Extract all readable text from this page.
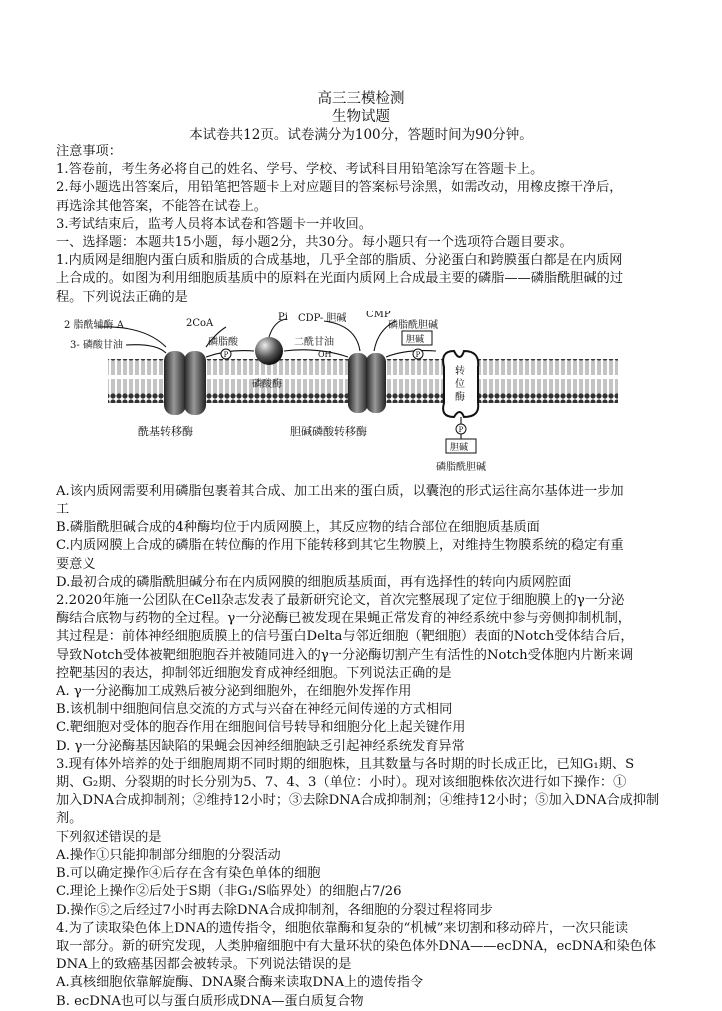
高三三模检测
生物试题
本试卷共12页。试卷满分为100分，答题时间为90分钟。

注意事项：

1.答卷前，考生务必将自己的姓名、学号、学校、考试科目用铅笔涂写在答题卡上。

2.每小题选出答案后，用铅笔把答题卡上对应题目的答案标号涂黑，如需改动，用橡皮擦干净后，

再选涂其他答案，不能答在试卷上。

3.考试结束后，监考人员将本试卷和答题卡一并收回。

一、选择题：本题共15小题，每小题2分，共30分。每小题只有一个选项符合题目要求。

1.内质网是细胞内蛋白质和脂质的合成基地，几乎全部的脂质、分泌蛋白和跨膜蛋白都是在内质网

上合成的。如图为利用细胞质基质中的原料在光面内质网上合成最主要的磷脂——磷脂酰胆碱的过

程。下列说法正确的是

P	P
P
2 脂酰辅酶 A	2CoA
3- 磷酸甘油	磷脂酸
Pi
二酰甘油
OH
CDP- 胆碱 CMP
磷脂酰胆碱
胆碱
磷酸酶
转
位
酶
酰基转移酶	胆碱磷酸转移酶
胆碱
磷脂酰胆碱

A.该内质网需要利用磷脂包裹着其合成、加工出来的蛋白质，以囊泡的形式运往高尔基体进一步加

工

B.磷脂酰胆碱合成的4种酶均位于内质网膜上，其反应物的结合部位在细胞质基质面

C.内质网膜上合成的磷脂在转位酶的作用下能转移到其它生物膜上，对维持生物膜系统的稳定有重

要意义

D.最初合成的磷脂酰胆碱分布在内质网膜的细胞质基质面，再有选择性的转向内质网腔面

2.2020年施一公团队在Cell杂志发表了最新研究论文，首次完整展现了定位于细胞膜上的γ一分泌

酶结合底物与药物的全过程。γ一分泌酶已被发现在果蝇正常发育的神经系统中参与旁侧抑制机制，

其过程是：前体神经细胞质膜上的信号蛋白Delta与邻近细胞（靶细胞）表面的Notch受体结合后，

导致Notch受体被靶细胞胞吞并被随同进入的γ一分泌酶切割产生有活性的Notch受体胞内片断来调

控靶基因的表达，抑制邻近细胞发育成神经细胞。下列说法正确的是

A. γ一分泌酶加工成熟后被分泌到细胞外，在细胞外发挥作用

B.该机制中细胞间信息交流的方式与兴奋在神经元间传递的方式相同

C.靶细胞对受体的胞吞作用在细胞间信号转导和细胞分化上起关键作用

D. γ一分泌酶基因缺陷的果蝇会因神经细胞缺乏引起神经系统发育异常

3.现有体外培养的处于细胞周期不同时期的细胞株，且其数量与各时期的时长成正比，已知G₁期、S

期、G₂期、分裂期的时长分别为5、7、4、3（单位：小时）。现对该细胞株依次进行如下操作：①

加入DNA合成抑制剂；②维持12小时；③去除DNA合成抑制剂；④维持12小时；⑤加入DNA合成抑制剂。

下列叙述错误的是

A.操作①只能抑制部分细胞的分裂活动

B.可以确定操作④后存在含有染色单体的细胞

C.理论上操作②后处于S期（非G₁/S临界处）的细胞占7/26

D.操作⑤之后经过7小时再去除DNA合成抑制剂，各细胞的分裂过程将同步

4.为了读取染色体上DNA的遗传指令，细胞依靠酶和复杂的“机械”来切割和移动碎片，一次只能读

取一部分。新的研究发现，人类肿瘤细胞中有大量环状的染色体外DNA——ecDNA，ecDNA和染色体

DNA上的致癌基因都会被转录。下列说法错误的是

A.真核细胞依靠解旋酶、DNA聚合酶来读取DNA上的遗传指令

B. ecDNA也可以与蛋白质形成DNA—蛋白质复合物
